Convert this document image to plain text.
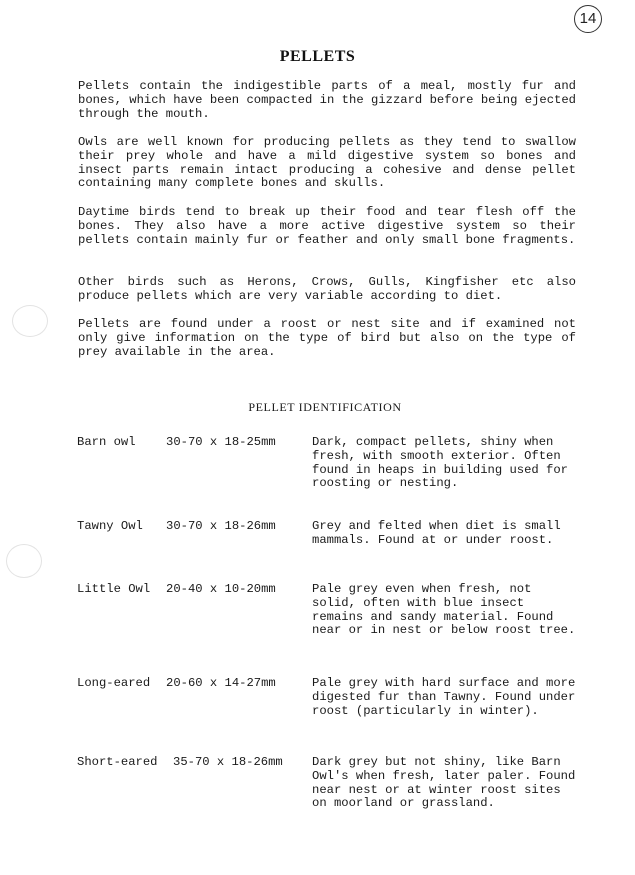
14
PELLETS
Pellets contain the indigestible parts of a meal, mostly fur and bones, which have been compacted in the gizzard before being ejected through the mouth.
Owls are well known for producing pellets as they tend to swallow their prey whole and have a mild digestive system so bones and insect parts remain intact producing a cohesive and dense pellet containing many complete bones and skulls.
Daytime birds tend to break up their food and tear flesh off the bones. They also have a more active digestive system so their pellets contain mainly fur or feather and only small bone fragments.
Other birds such as Herons, Crows, Gulls, Kingfisher etc also produce pellets which are very variable according to diet.
Pellets are found under a roost or nest site and if examined not only give information on the type of bird but also on the type of prey available in the area.
PELLET IDENTIFICATION
Barn owl	30-70 x 18-25mm	Dark, compact pellets, shiny when fresh, with smooth exterior. Often found in heaps in building used for roosting or nesting.
Tawny Owl	30-70 x 18-26mm	Grey and felted when diet is small mammals. Found at or under roost.
Little Owl	20-40 x 10-20mm	Pale grey even when fresh, not solid, often with blue insect remains and sandy material. Found near or in nest or below roost tree.
Long-eared	20-60 x 14-27mm	Pale grey with hard surface and more digested fur than Tawny. Found under roost (particularly in winter).
Short-eared	35-70 x 18-26mm	Dark grey but not shiny, like Barn Owl's when fresh, later paler. Found near nest or at winter roost sites on moorland or grassland.
